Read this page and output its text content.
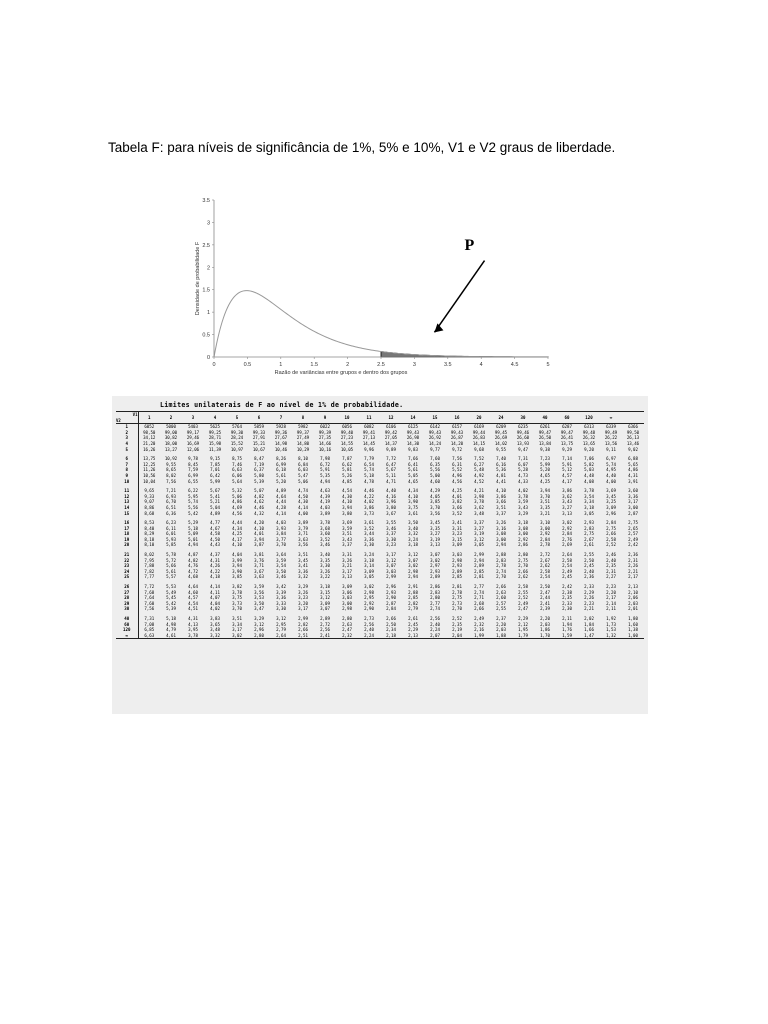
Tabela F: para níveis de significância de 1%, 5% e 10%, V1 e V2 graus de liberdade.
0	0.5	1	1.5	2	2.5	3	3.5	4	4.5	5
0
0.5
1
1.5
2
2.5
3
3.5
Razão de variâncias entre grupos e dentro dos grupos
Densidade de probabilidade F	P
Limites unilaterais de F ao nível de 1% de probabilidade.
V1
V2	1	2	3	4	5	6	7	8	9	10	11	12	14	15	16	20	24	30	40	60	120	∞	
1	6052	5000	5403	5625	5764	5859	5928	5982	6022	6056	6082	6106	6125	6142	6157	6169	6209	6235	6261	6287	6313	6339	6366
2	98,50	99,00	99,17	99,25	99,30	99,33	99,36	99,37	99,39	99,40	99,41	99,42	99,43	99,43	99,43	99,44	99,45	99,46	99,47	99,47	99,48	99,49	99,50
3	34,12	30,82	29,46	28,71	28,24	27,91	27,67	27,49	27,35	27,23	27,13	27,05	26,98	26,92	26,87	26,83	26,69	26,60	26,50	26,41	26,32	26,22	26,13
4	21,20	18,00	16,69	15,98	15,52	15,21	14,98	14,80	14,66	14,55	14,45	14,37	14,30	14,24	14,20	14,15	14,02	13,93	13,84	13,75	13,65	13,56	13,46
5	16,26	13,27	12,06	11,39	10,97	10,67	10,46	10,29	10,16	10,05	9,96	9,89	9,83	9,77	9,72	9,68	9,55	9,47	9,38	9,29	9,20	9,11	9,02
6	13,75	10,92	9,78	9,15	8,75	8,47	8,26	8,10	7,98	7,87	7,79	7,72	7,66	7,60	7,56	7,52	7,40	7,31	7,23	7,14	7,06	6,97	6,88
7	12,25	9,55	8,45	7,85	7,46	7,19	6,99	6,84	6,72	6,62	6,54	6,47	6,41	6,35	6,31	6,27	6,16	6,07	5,99	5,91	5,82	5,74	5,65
8	11,26	8,65	7,59	7,01	6,63	6,37	6,18	6,03	5,91	5,81	5,74	5,67	5,61	5,56	5,52	5,48	5,36	5,28	5,20	5,12	5,03	4,95	4,86
9	10,56	8,02	6,99	6,42	6,06	5,80	5,61	5,47	5,35	5,26	5,18	5,11	5,05	5,00	4,96	4,92	4,81	4,73	4,65	4,57	4,48	4,40	4,31
10	10,04	7,56	6,55	5,99	5,64	5,39	5,20	5,06	4,94	4,85	4,78	4,71	4,65	4,60	4,56	4,52	4,41	4,33	4,25	4,17	4,08	4,00	3,91
11	9,65	7,21	6,22	5,67	5,32	5,07	4,89	4,74	4,63	4,54	4,46	4,40	4,34	4,29	4,25	4,21	4,10	4,02	3,94	3,86	3,78	3,69	3,60
12	9,33	6,93	5,95	5,41	5,06	4,82	4,64	4,50	4,39	4,30	4,22	4,16	4,10	4,05	4,01	3,98	3,86	3,78	3,70	3,62	3,54	3,45	3,36
13	9,07	6,70	5,74	5,21	4,86	4,62	4,44	4,30	4,19	4,10	4,02	3,96	3,90	3,85	3,82	3,78	3,66	3,59	3,51	3,43	3,34	3,25	3,17
14	8,86	6,51	5,56	5,04	4,69	4,46	4,28	4,14	4,03	3,94	3,86	3,80	3,75	3,70	3,66	3,62	3,51	3,43	3,35	3,27	3,18	3,09	3,00
15	8,68	6,36	5,42	4,89	4,56	4,32	4,14	4,00	3,89	3,80	3,73	3,67	3,61	3,56	3,52	3,48	3,37	3,29	3,21	3,13	3,05	2,96	2,87
16	8,53	6,23	5,29	4,77	4,44	4,20	4,03	3,89	3,78	3,69	3,61	3,55	3,50	3,45	3,41	3,37	3,26	3,18	3,10	3,02	2,93	2,84	2,75
17	8,40	6,11	5,18	4,67	4,34	4,10	3,93	3,79	3,68	3,59	3,52	3,46	3,40	3,35	3,31	3,27	3,16	3,08	3,00	2,92	2,83	2,75	2,65
18	8,29	6,01	5,09	4,58	4,25	4,01	3,84	3,71	3,60	3,51	3,44	3,37	3,32	3,27	3,23	3,19	3,08	3,00	2,92	2,84	2,75	2,66	2,57
19	8,18	5,93	5,01	4,50	4,17	3,94	3,77	3,63	3,52	3,43	3,36	3,30	3,24	3,19	3,15	3,12	3,00	2,92	2,84	2,76	2,67	2,58	2,49
20	8,10	5,85	4,94	4,43	4,10	3,87	3,70	3,56	3,46	3,37	3,30	3,23	3,18	3,13	3,09	3,05	2,94	2,86	2,78	2,69	2,61	2,52	2,42
21	8,02	5,78	4,87	4,37	4,04	3,81	3,64	3,51	3,40	3,31	3,24	3,17	3,12	3,07	3,03	2,99	2,88	2,80	2,72	2,64	2,55	2,46	2,36
22	7,95	5,72	4,82	4,31	3,99	3,76	3,59	3,45	3,35	3,26	3,18	3,12	3,07	3,02	2,98	2,94	2,83	2,75	2,67	2,58	2,50	2,40	2,31
23	7,88	5,66	4,76	4,26	3,94	3,71	3,54	3,41	3,30	3,21	3,14	3,07	3,02	2,97	2,93	2,89	2,78	2,70	2,62	2,54	2,45	2,35	2,26
24	7,82	5,61	4,72	4,22	3,90	3,67	3,50	3,36	3,26	3,17	3,09	3,03	2,98	2,93	2,89	2,85	2,74	2,66	2,58	2,49	2,40	2,31	2,21
25	7,77	5,57	4,68	4,18	3,85	3,63	3,46	3,32	3,22	3,13	3,05	2,99	2,94	2,89	2,85	2,81	2,70	2,62	2,54	2,45	2,36	2,27	2,17
26	7,72	5,53	4,64	4,14	3,82	3,59	3,42	3,29	3,18	3,09	3,02	2,96	2,91	2,86	2,81	2,77	2,66	2,58	2,50	2,42	2,33	2,23	2,13
27	7,68	5,49	4,60	4,11	3,78	3,56	3,39	3,26	3,15	3,06	2,98	2,93	2,88	2,83	2,78	2,74	2,63	2,55	2,47	2,38	2,29	2,20	2,10
28	7,64	5,45	4,57	4,07	3,75	3,53	3,36	3,23	3,12	3,03	2,95	2,90	2,85	2,80	2,75	2,71	2,60	2,52	2,44	2,35	2,26	2,17	2,06
29	7,60	5,42	4,54	4,04	3,73	3,50	3,33	3,20	3,09	3,00	2,92	2,87	2,82	2,77	2,73	2,68	2,57	2,49	2,41	2,33	2,23	2,14	2,03
30	7,56	5,39	4,51	4,02	3,70	3,47	3,30	3,17	3,07	2,98	2,90	2,84	2,79	2,74	2,70	2,66	2,55	2,47	2,39	2,30	2,21	2,11	2,01
40	7,31	5,18	4,31	3,83	3,51	3,29	3,12	2,99	2,89	2,80	2,73	2,66	2,61	2,56	2,52	2,49	2,37	2,29	2,20	2,11	2,02	1,92	1,80
60	7,08	4,98	4,13	3,65	3,34	3,12	2,95	2,82	2,72	2,63	2,56	2,50	2,45	2,40	2,35	2,32	2,20	2,12	2,03	1,94	1,84	1,73	1,60
120	6,85	4,79	3,95	3,48	3,17	2,96	2,79	2,66	2,56	2,47	2,40	2,34	2,29	2,24	2,19	2,16	2,03	1,95	1,86	1,76	1,66	1,53	1,38
∞	6,63	4,61	3,78	3,32	3,02	2,80	2,64	2,51	2,41	2,32	2,24	2,18	2,13	2,07	2,04	1,99	1,88	1,79	1,70	1,59	1,47	1,32	1,00
